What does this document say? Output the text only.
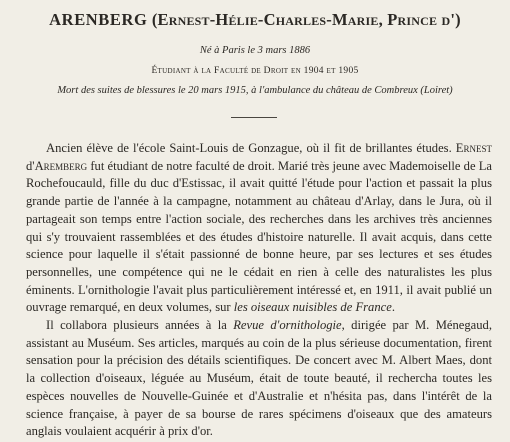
ARENBERG (Ernest-Hélie-Charles-Marie, Prince d')
Né à Paris le 3 mars 1886
Étudiant à la Faculté de Droit en 1904 et 1905
Mort des suites de blessures le 20 mars 1915, à l'ambulance du château de Combreux (Loiret)

Ancien élève de l'école Saint-Louis de Gonzague, où il fit de brillantes études. Ernest d'Aremberg fut étudiant de notre faculté de droit. Marié très jeune avec Mademoiselle de La Rochefoucauld, fille du duc d'Estissac, il avait quitté l'étude pour l'action et passait la plus grande partie de l'année à la campagne, notamment au château d'Arlay, dans le Jura, où il partageait son temps entre l'action sociale, des recherches dans les archives très anciennes qui s'y trouvaient rassemblées et des études d'histoire naturelle. Il avait acquis, dans cette science pour laquelle il s'était passionné de bonne heure, par ses lectures et ses études personnelles, une compétence qui ne le cédait en rien à celle des naturalistes les plus éminents. L'ornithologie l'avait plus particulièrement intéressé et, en 1911, il avait publié un ouvrage remarqué, en deux volumes, sur les oiseaux nuisibles de France.

Il collabora plusieurs années à la Revue d'ornithologie, dirigée par M. Ménegaud, assistant au Muséum. Ses articles, marqués au coin de la plus sérieuse documentation, firent sensation pour la précision des détails scientifiques. De concert avec M. Albert Maes, dont la collection d'oiseaux, léguée au Muséum, était de toute beauté, il rechercha toutes les espèces nouvelles de Nouvelle-Guinée et d'Australie et n'hésita pas, dans l'intérêt de la science française, à payer de sa bourse de rares spécimens d'oiseaux que des amateurs anglais voulaient acquérir à prix d'or.
